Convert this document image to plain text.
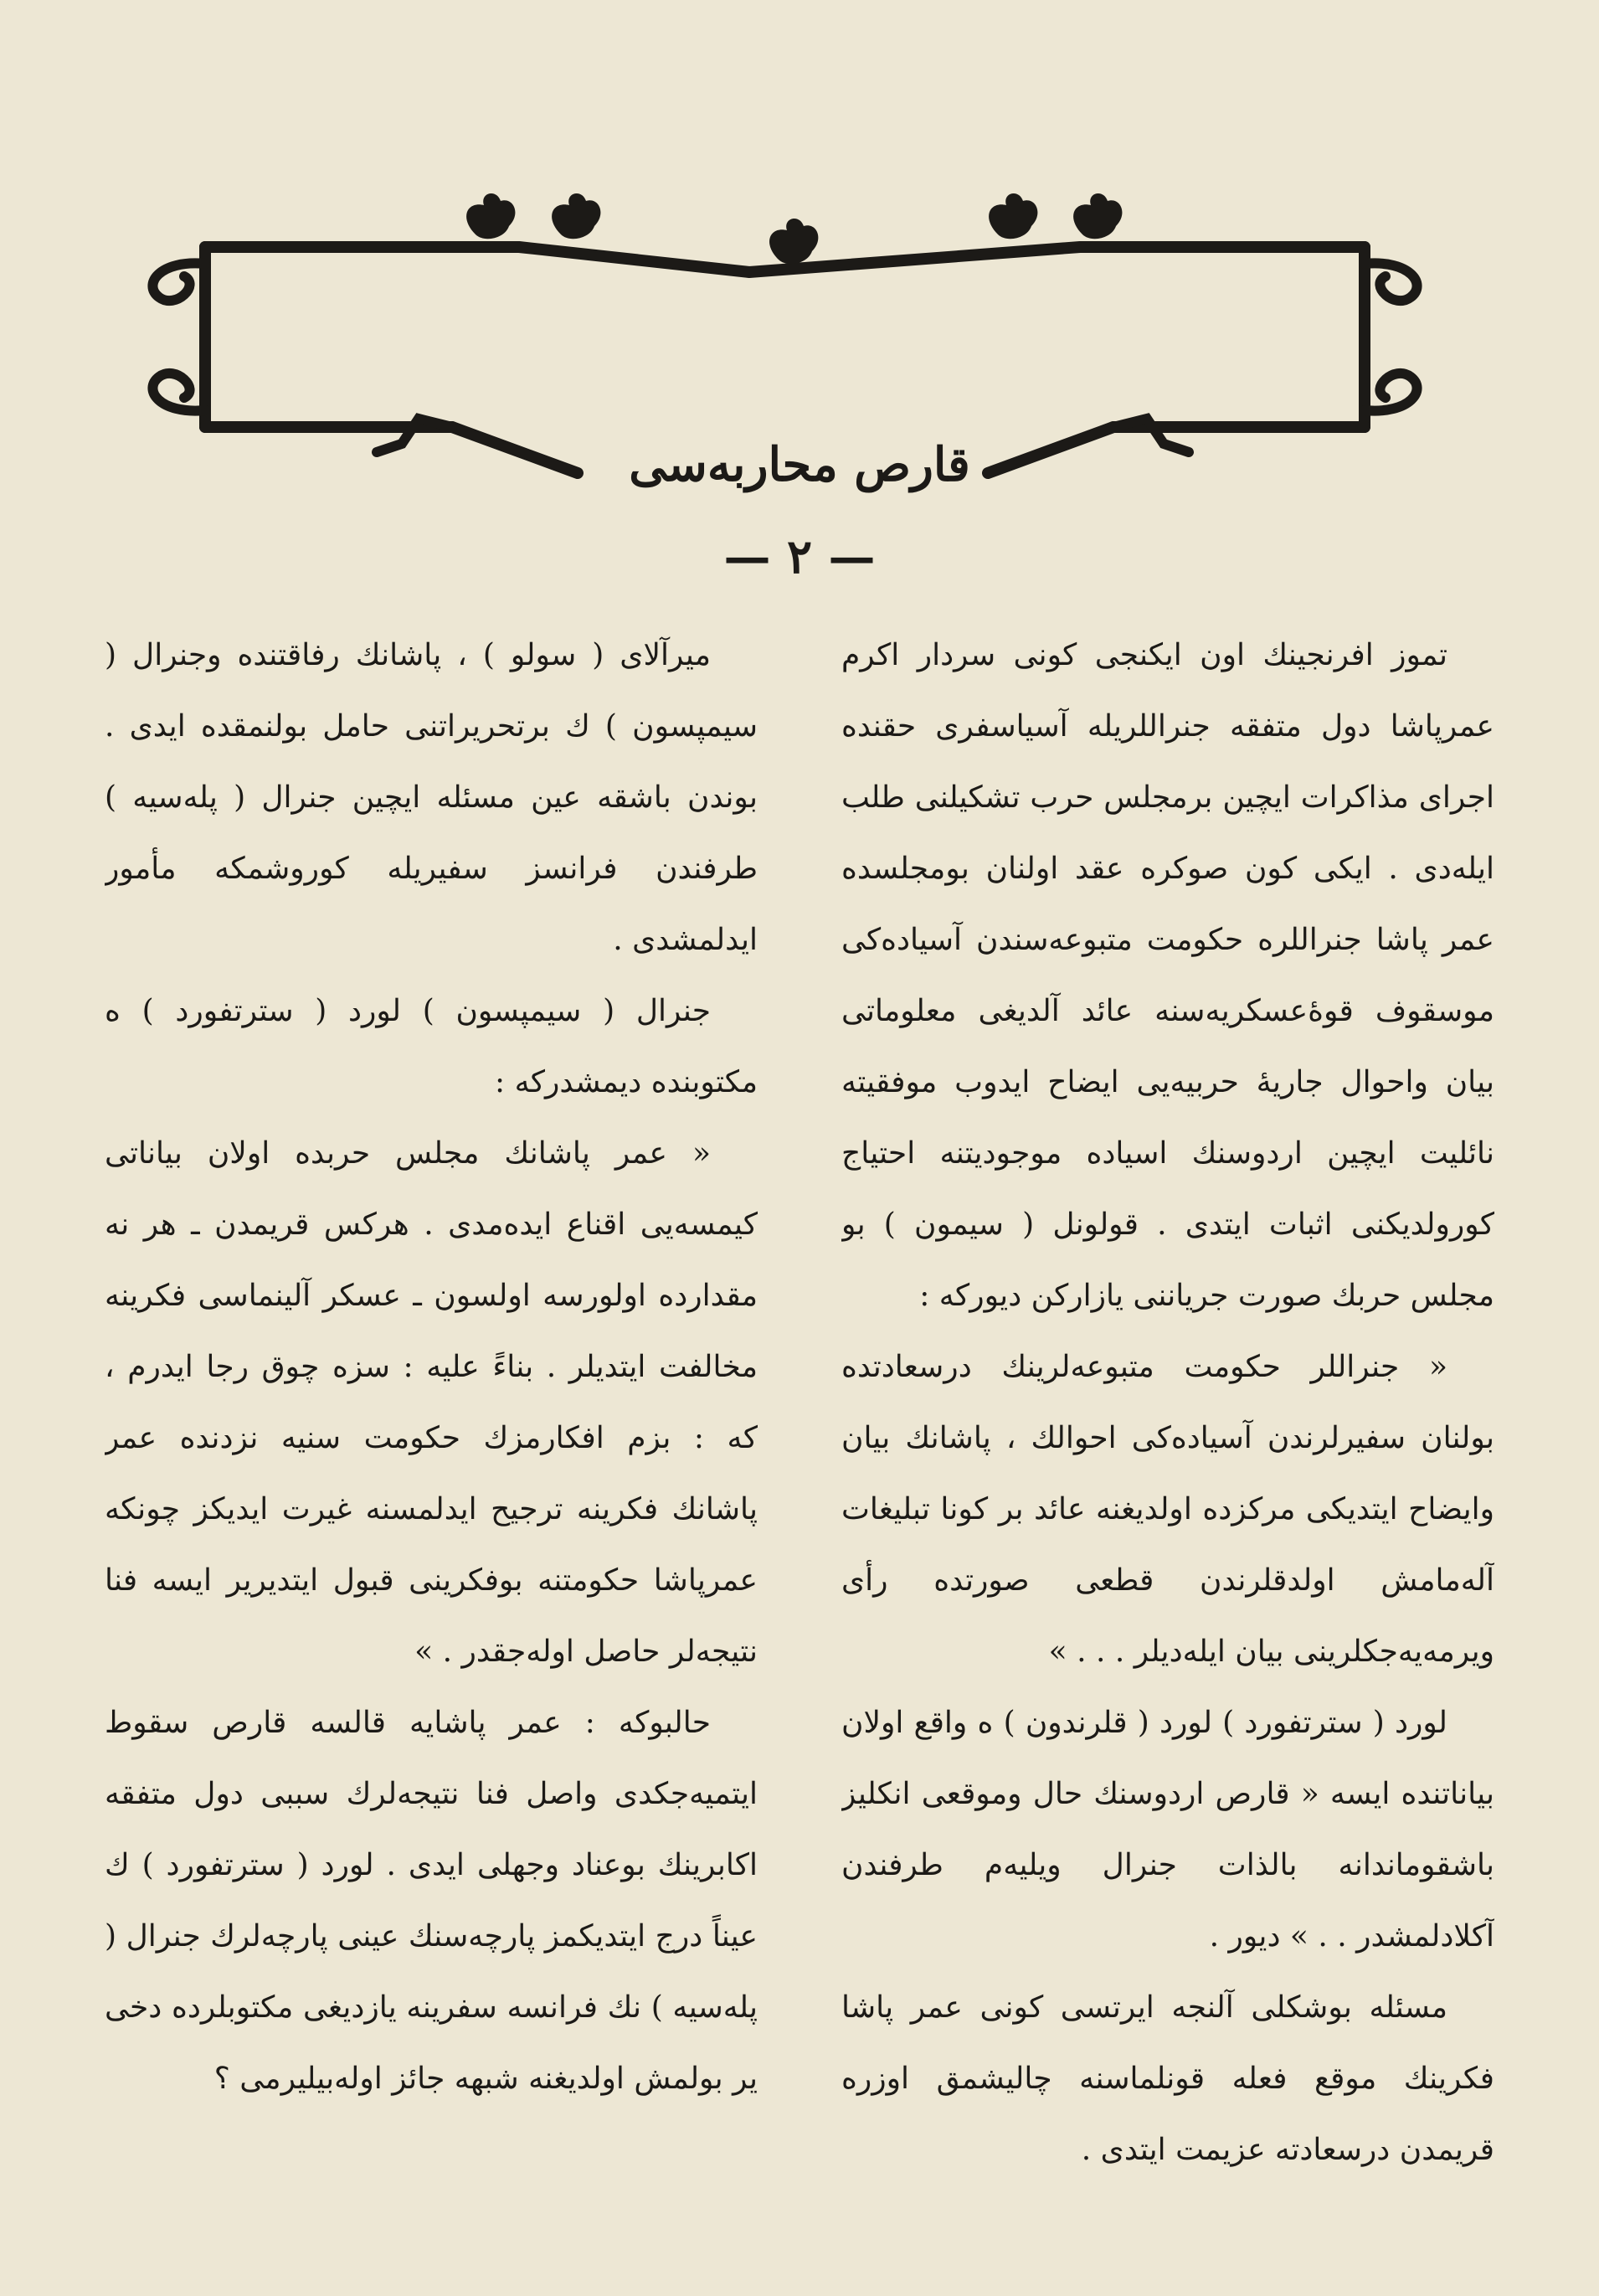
قارص محاربه‌سی
— ٢ —

تموز افرنجینك اون ایكنجی كونی سردار اكرم عمرپاشا دول متفقه جنراللریله آسیاسفری حقنده اجرای مذاكرات ایچین برمجلس حرب تشكیلنی طلب ایله‌دی . ایكی كون صوكره عقد اولنان بومجلسده عمر پاشا جنراللره حكومت متبوعه‌سندن آسیاده‌كی موسقوف قوۀعسكریه‌سنه عائد آلدیغی معلوماتی بیان واحوال جاریۀ حربیه‌یی ایضاح ایدوب موفقیته نائلیت ایچین اردوسنك اسیاده موجودیتنه احتیاج كورولدیكنی اثبات ایتدی . قولونل ( سیمون ) بو مجلس حربك صورت جریاننی یازاركن دیوركه :

« جنراللر حكومت متبوعه‌لرینك درسعادتده بولنان سفیرلرندن آسیاده‌كی احوالك ، پاشانك بیان وایضاح ایتدیكی مركزده اولدیغنه عائد بر كونا تبلیغات آله‌مامش اولدقلرندن قطعی صورتده رأی ویرمه‌یه‌جكلرینی بیان ایله‌دیلر . . . »

لورد ( سترتفورد ) لورد ( قلرندون ) ه واقع اولان بیاناتنده ایسه « قارص اردوسنك حال وموقعی انكلیز باشقوماندانه بالذات جنرال ویلیه‌م طرفندن آكلادلمشدر . . » دیور .

مسئله بوشكلی آلنجه ایرتسی كونی عمر پاشا فكرینك موقع فعله قونلماسنه چالیشمق اوزره قریمدن درسعادته عزیمت ایتدی .

میرآلای ( سولو ) ، پاشانك رفاقتنده وجنرال ( سیمپسون ) ك برتحریراتنی حامل بولنمقده ایدی . بوندن باشقه عین مسئله ایچین جنرال ( پله‌سیه ) طرفندن فرانسز سفیریله كوروشمكه مأمور ایدلمشدی .

جنرال ( سیمپسون ) لورد ( سترتفورد ) ه مكتوبنده دیمشدركه :

« عمر پاشانك مجلس حربده اولان بیاناتی كیمسه‌یی اقناع ایده‌مدی . هركس قریمدن ـ هر نه مقدارده اولورسه اولسون ـ عسكر آلینماسی فكرینه مخالفت ایتدیلر . بناءً علیه : سزه چوق رجا ایدرم ، كه : بزم افكارمزك حكومت سنیه نزدنده عمر پاشانك فكرینه ترجیح ایدلمسنه غیرت ایدیكز چونكه عمرپاشا حكومتنه بوفكرینی قبول ایتدیریر ایسه فنا نتیجه‌لر حاصل اوله‌جقدر . »

حالبوكه : عمر پاشایه قالسه قارص سقوط ایتمیه‌جكدی واصل فنا نتیجه‌لرك سببی دول متفقه اكابرینك بوعناد وجهلی ایدی . لورد ( سترتفورد ) ك عیناً درج ایتدیكمز پارچه‌سنك عینی پارچه‌لرك جنرال ( پله‌سیه ) نك فرانسه سفرینه یازدیغی مكتوبلرده دخی یر بولمش اولدیغنه شبهه جائز اوله‌بیلیرمی ؟
